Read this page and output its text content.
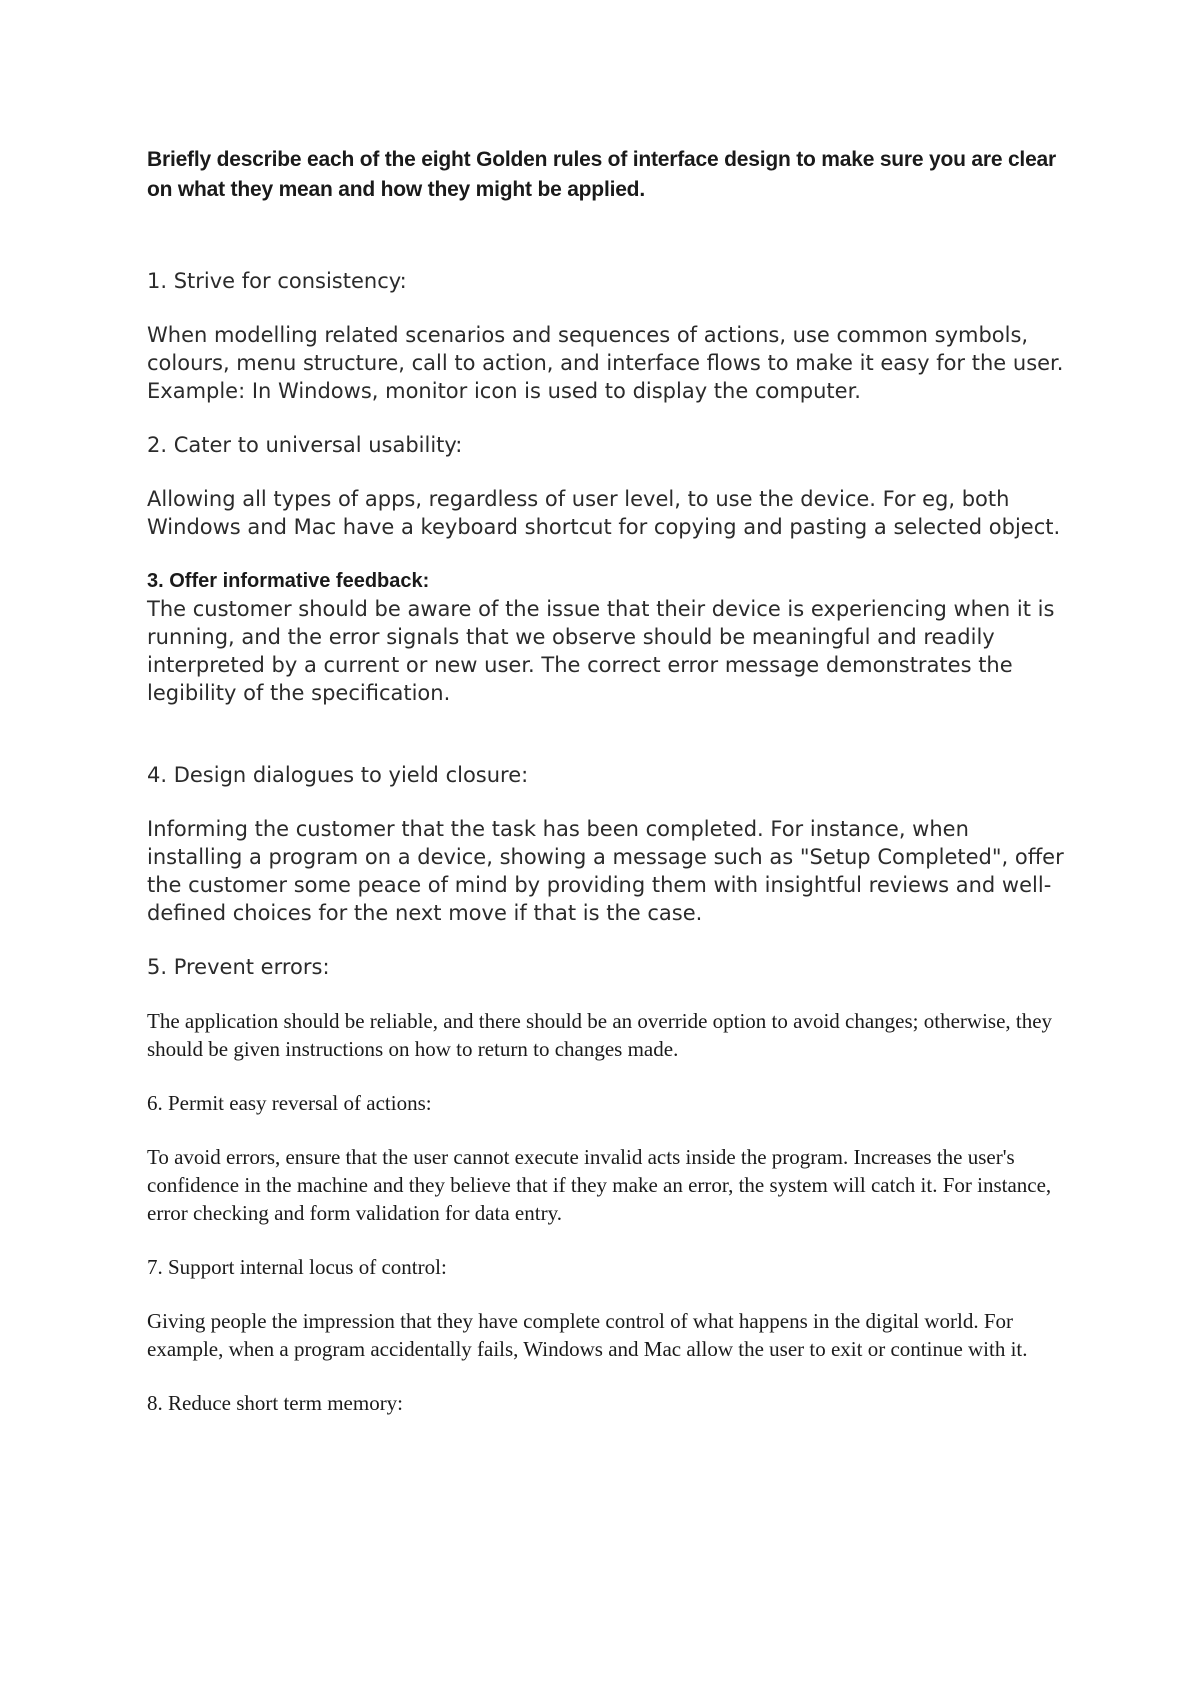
Briefly describe each of the eight Golden rules of interface design to make sure you are clear on what they mean and how they might be applied.

1. Strive for consistency:

When modelling related scenarios and sequences of actions, use common symbols, colours, menu structure, call to action, and interface flows to make it easy for the user. Example: In Windows, monitor icon is used to display the computer.

2. Cater to universal usability:

Allowing all types of apps, regardless of user level, to use the device. For eg, both Windows and Mac have a keyboard shortcut for copying and pasting a selected object.

3. Offer informative feedback:

The customer should be aware of the issue that their device is experiencing when it is running, and the error signals that we observe should be meaningful and readily interpreted by a current or new user. The correct error message demonstrates the legibility of the specification.

4. Design dialogues to yield closure:

Informing the customer that the task has been completed. For instance, when installing a program on a device, showing a message such as "Setup Completed", offer the customer some peace of mind by providing them with insightful reviews and well-defined choices for the next move if that is the case.

5. Prevent errors:

The application should be reliable, and there should be an override option to avoid changes; otherwise, they should be given instructions on how to return to changes made.

6. Permit easy reversal of actions:

To avoid errors, ensure that the user cannot execute invalid acts inside the program. Increases the user's confidence in the machine and they believe that if they make an error, the system will catch it. For instance, error checking and form validation for data entry.

7. Support internal locus of control:

Giving people the impression that they have complete control of what happens in the digital world. For example, when a program accidentally fails, Windows and Mac allow the user to exit or continue with it.

8. Reduce short term memory:
